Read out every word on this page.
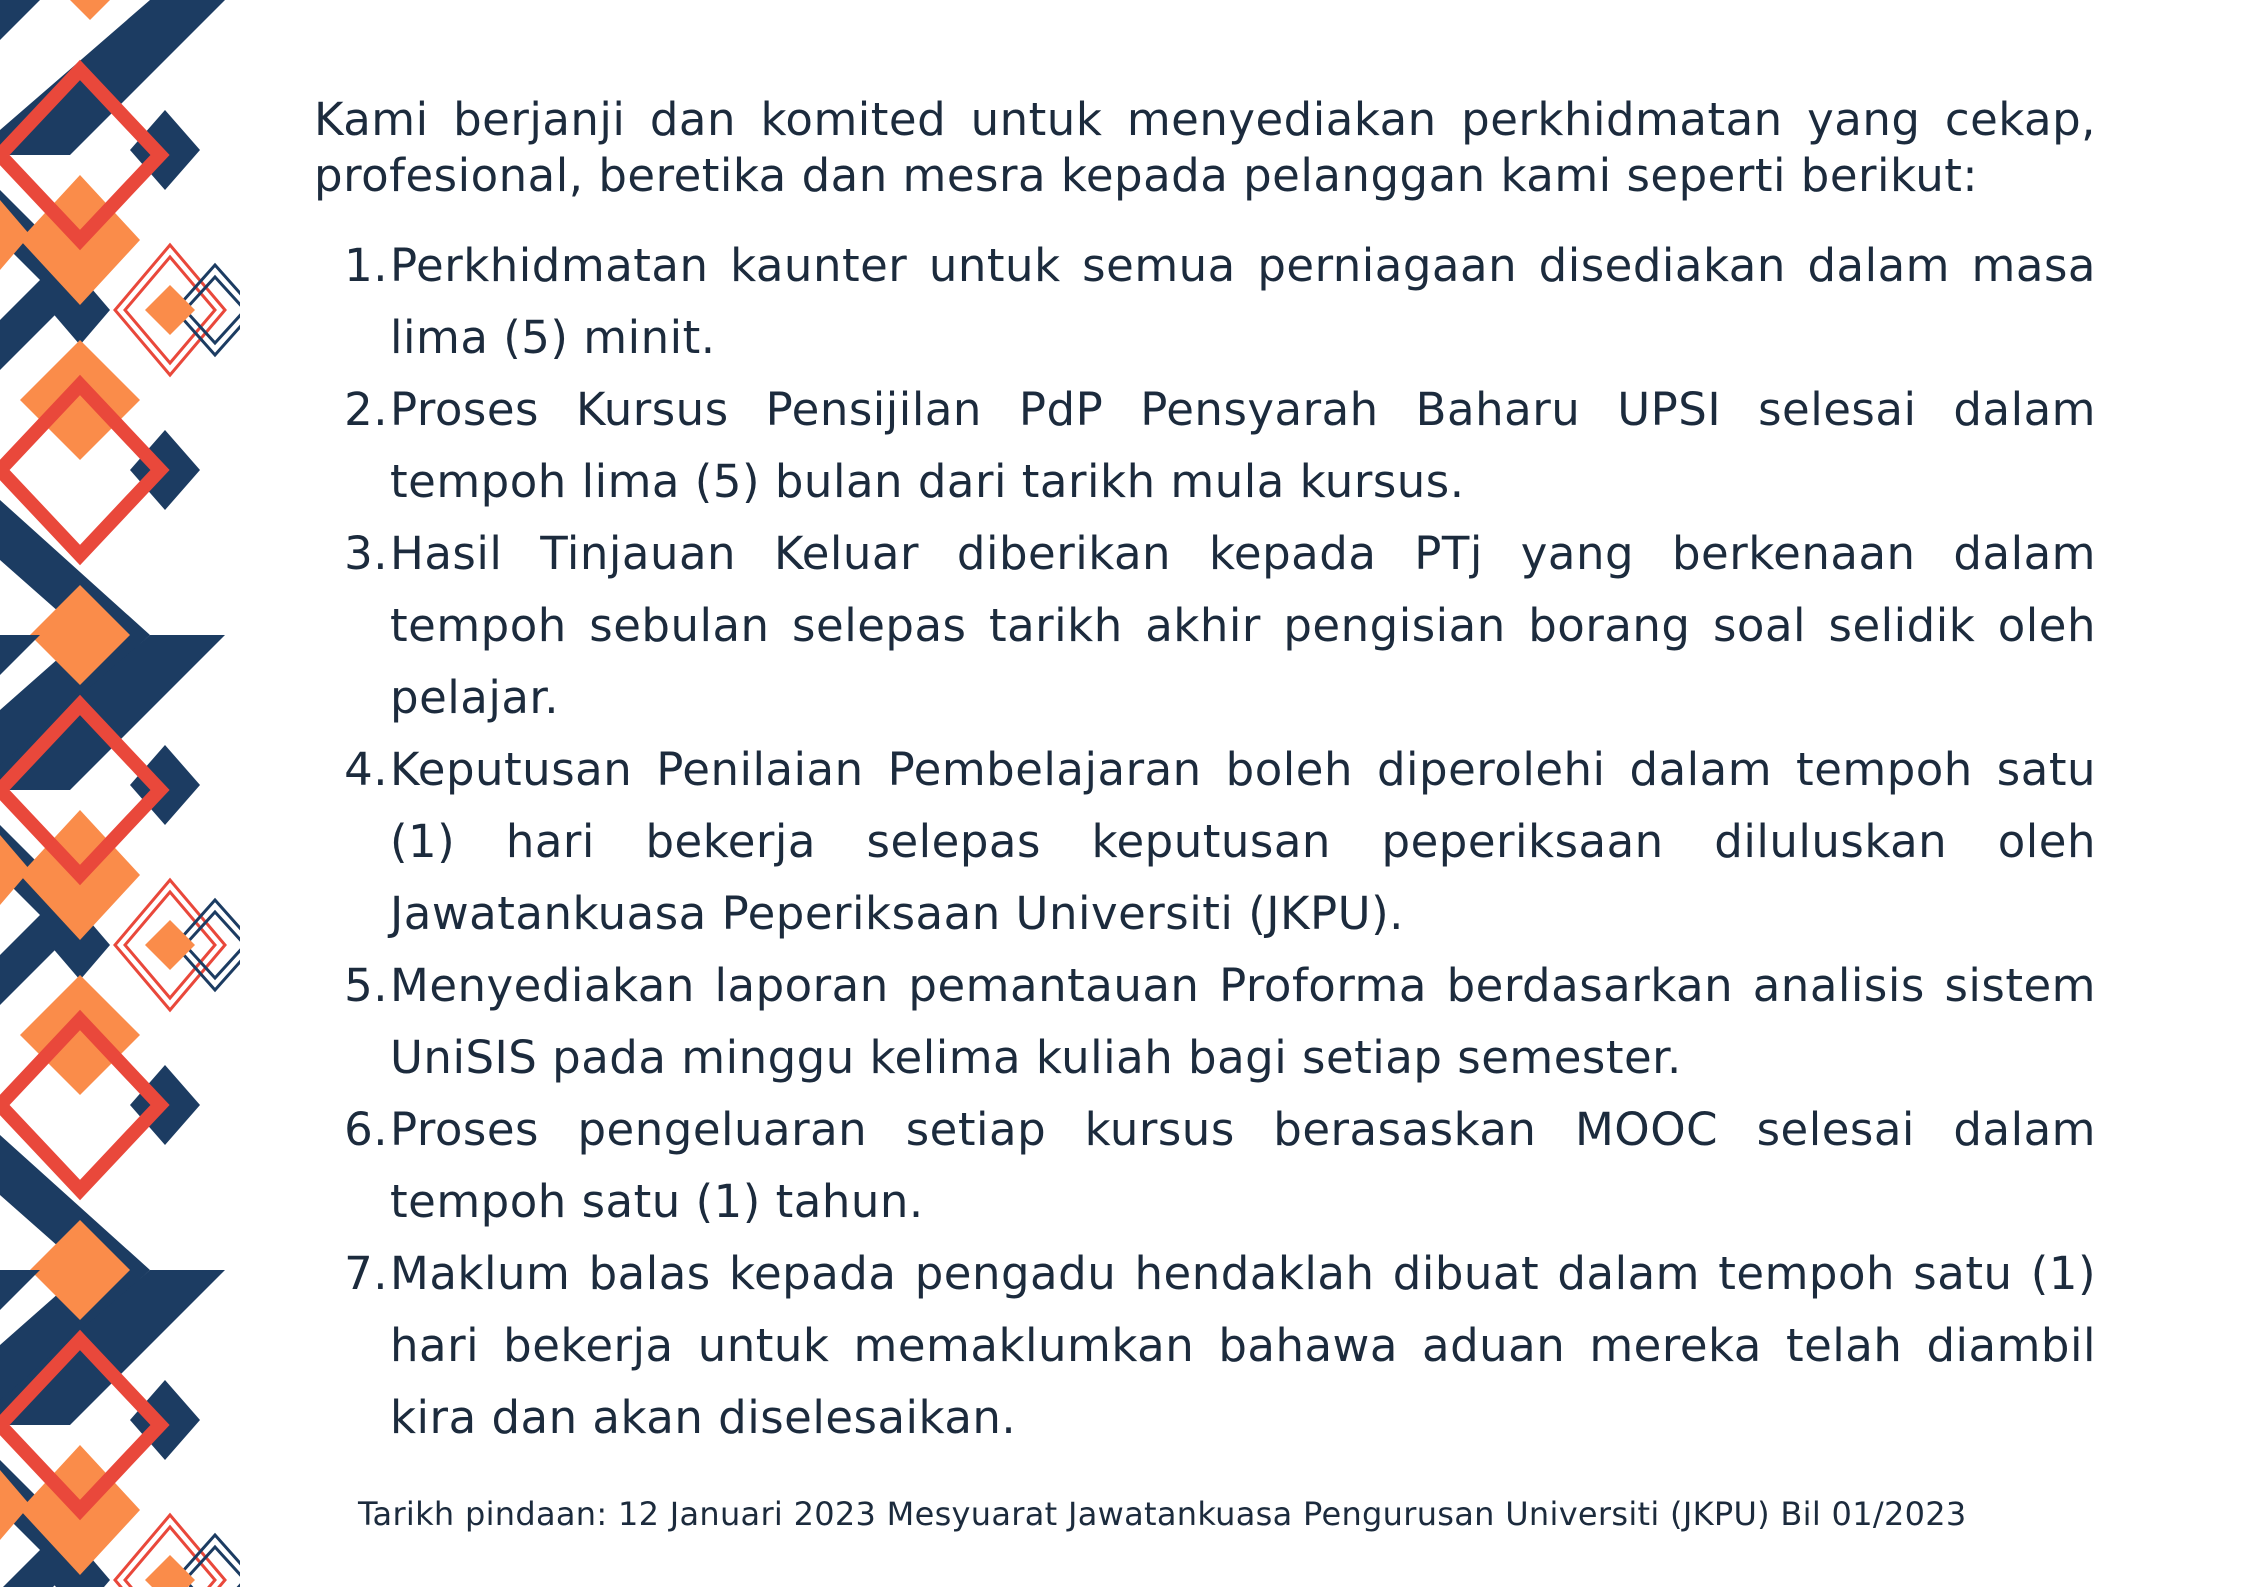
Kami berjanji dan komited untuk menyediakan perkhidmatan yang cekap, profesional, beretika dan mesra kepada pelanggan kami seperti berikut:

1. Perkhidmatan kaunter untuk semua perniagaan disediakan dalam masa lima (5) minit.
2. Proses Kursus Pensijilan PdP Pensyarah Baharu UPSI selesai dalam tempoh lima (5) bulan dari tarikh mula kursus.
3. Hasil Tinjauan Keluar diberikan kepada PTj yang berkenaan dalam tempoh sebulan selepas tarikh akhir pengisian borang soal selidik oleh pelajar.
4. Keputusan Penilaian Pembelajaran boleh diperolehi dalam tempoh satu (1) hari bekerja selepas keputusan peperiksaan diluluskan oleh Jawatankuasa Peperiksaan Universiti (JKPU).
5. Menyediakan laporan pemantauan Proforma berdasarkan analisis sistem UniSIS pada minggu kelima kuliah bagi setiap semester.
6. Proses pengeluaran setiap kursus berasaskan MOOC selesai dalam tempoh satu (1) tahun.
7. Maklum balas kepada pengadu hendaklah dibuat dalam tempoh satu (1) hari bekerja untuk memaklumkan bahawa aduan mereka telah diambil kira dan akan diselesaikan.
Tarikh pindaan: 12 Januari 2023 Mesyuarat Jawatankuasa Pengurusan Universiti (JKPU) Bil 01/2023
